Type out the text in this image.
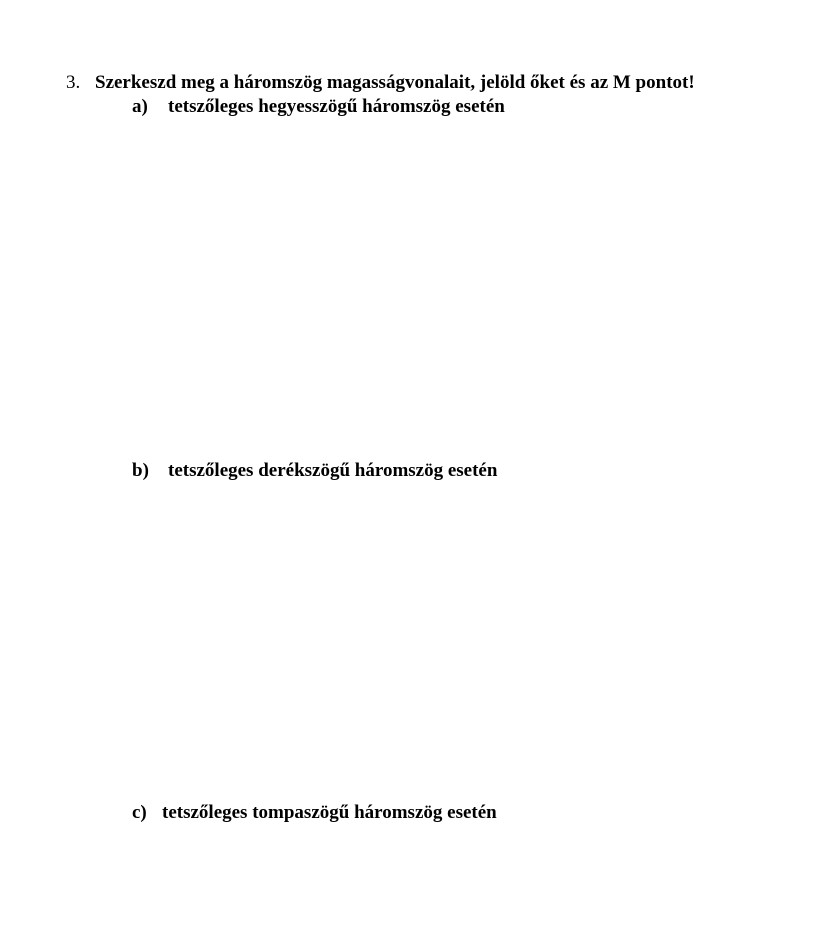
3. Szerkeszd meg a háromszög magasságvonalait, jelöld őket és az M pontot!
a) tetszőleges hegyesszögű háromszög esetén
b) tetszőleges derékszögű háromszög esetén
c) tetszőleges tompaszögű háromszög esetén
